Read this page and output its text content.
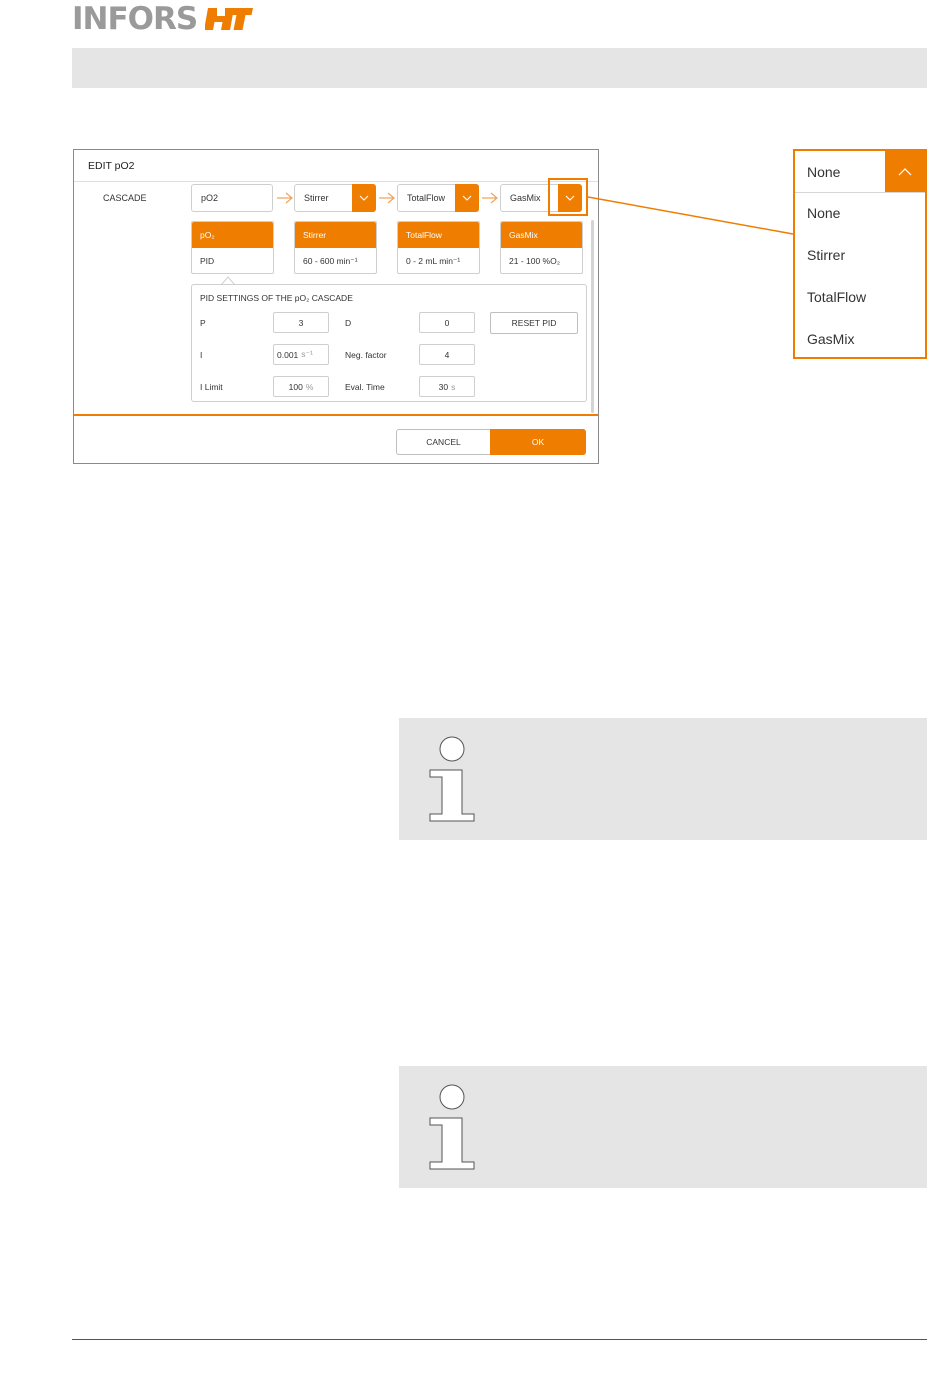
INFORS
EDIT pO2
CASCADE	pO2	Stirrer	TotalFlow	GasMix
pO₂
PID
Stirrer
60 - 600 min⁻¹
TotalFlow
0 - 2 mL min⁻¹
GasMix
21 - 100 %O₂
PID SETTINGS OF THE pO₂ CASCADE
P	3	D	0	RESET PID
I	0.001 s⁻¹	Neg. factor	4
I Limit	100 %	Eval. Time	30 s
CANCEL	OK
None
None
Stirrer
TotalFlow
GasMix
